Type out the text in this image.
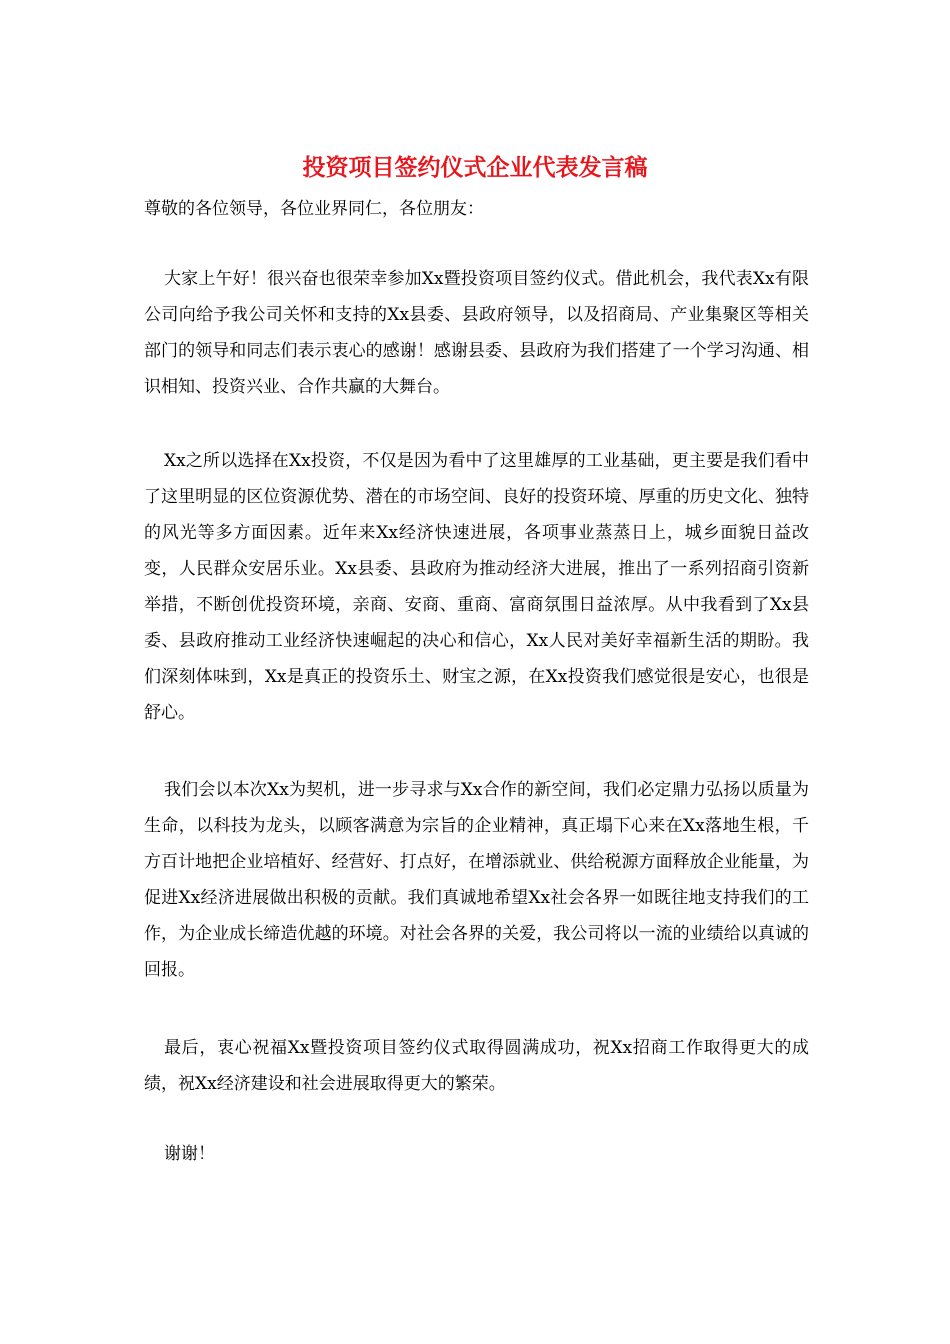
投资项目签约仪式企业代表发言稿

尊敬的各位领导，各位业界同仁，各位朋友：

大家上午好！很兴奋也很荣幸参加Xx暨投资项目签约仪式。借此机会，我代表Xx有限公司向给予我公司关怀和支持的Xx县委、县政府领导，以及招商局、产业集聚区等相关部门的领导和同志们表示衷心的感谢！感谢县委、县政府为我们搭建了一个学习沟通、相识相知、投资兴业、合作共赢的大舞台。

Xx之所以选择在Xx投资，不仅是因为看中了这里雄厚的工业基础，更主要是我们看中了这里明显的区位资源优势、潜在的市场空间、良好的投资环境、厚重的历史文化、独特的风光等多方面因素。近年来Xx经济快速进展，各项事业蒸蒸日上，城乡面貌日益改变，人民群众安居乐业。Xx县委、县政府为推动经济大进展，推出了一系列招商引资新举措，不断创优投资环境，亲商、安商、重商、富商氛围日益浓厚。从中我看到了Xx县委、县政府推动工业经济快速崛起的决心和信心，Xx人民对美好幸福新生活的期盼。我们深刻体味到，Xx是真正的投资乐土、财宝之源，在Xx投资我们感觉很是安心，也很是舒心。

我们会以本次Xx为契机，进一步寻求与Xx合作的新空间，我们必定鼎力弘扬以质量为生命，以科技为龙头，以顾客满意为宗旨的企业精神，真正塌下心来在Xx落地生根，千方百计地把企业培植好、经营好、打点好，在增添就业、供给税源方面释放企业能量，为促进Xx经济进展做出积极的贡献。我们真诚地希望Xx社会各界一如既往地支持我们的工作，为企业成长缔造优越的环境。对社会各界的关爱，我公司将以一流的业绩给以真诚的回报。

最后，衷心祝福Xx暨投资项目签约仪式取得圆满成功，祝Xx招商工作取得更大的成绩，祝Xx经济建设和社会进展取得更大的繁荣。

谢谢！
